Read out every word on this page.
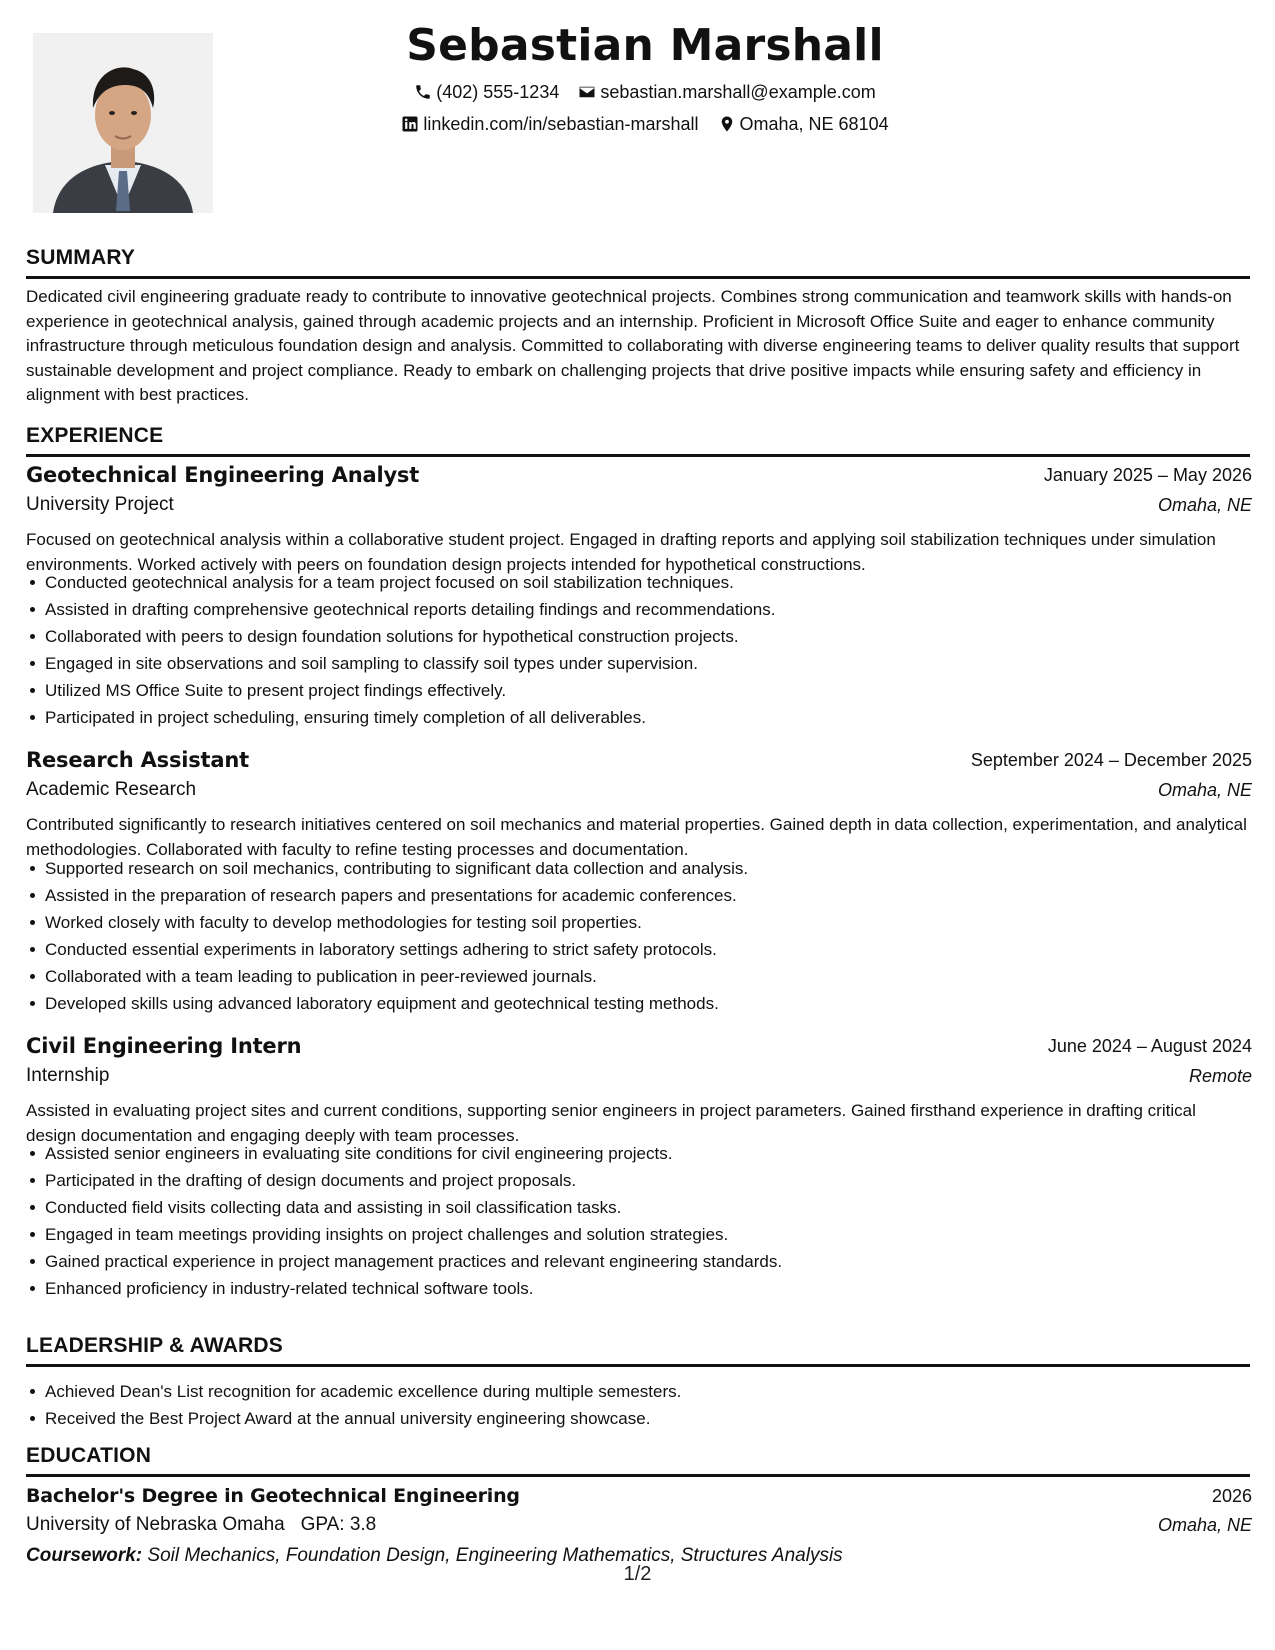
Sebastian Marshall
(402) 555-1234
sebastian.marshall@example.com
linkedin.com/in/sebastian-marshall
Omaha, NE 68104
SUMMARY
Dedicated civil engineering graduate ready to contribute to innovative geotechnical projects. Combines strong communication and teamwork skills with hands-on experience in geotechnical analysis, gained through academic projects and an internship. Proficient in Microsoft Office Suite and eager to enhance community infrastructure through meticulous foundation design and analysis. Committed to collaborating with diverse engineering teams to deliver quality results that support sustainable development and project compliance. Ready to embark on challenging projects that drive positive impacts while ensuring safety and efficiency in alignment with best practices.
EXPERIENCE
Geotechnical Engineering Analyst	January 2025 – May 2026
University Project	Omaha, NE
Focused on geotechnical analysis within a collaborative student project. Engaged in drafting reports and applying soil stabilization techniques under simulation environments. Worked actively with peers on foundation design projects intended for hypothetical constructions.
Conducted geotechnical analysis for a team project focused on soil stabilization techniques.
Assisted in drafting comprehensive geotechnical reports detailing findings and recommendations.
Collaborated with peers to design foundation solutions for hypothetical construction projects.
Engaged in site observations and soil sampling to classify soil types under supervision.
Utilized MS Office Suite to present project findings effectively.
Participated in project scheduling, ensuring timely completion of all deliverables.
Research Assistant	September 2024 – December 2025
Academic Research	Omaha, NE
Contributed significantly to research initiatives centered on soil mechanics and material properties. Gained depth in data collection, experimentation, and analytical methodologies. Collaborated with faculty to refine testing processes and documentation.
Supported research on soil mechanics, contributing to significant data collection and analysis.
Assisted in the preparation of research papers and presentations for academic conferences.
Worked closely with faculty to develop methodologies for testing soil properties.
Conducted essential experiments in laboratory settings adhering to strict safety protocols.
Collaborated with a team leading to publication in peer-reviewed journals.
Developed skills using advanced laboratory equipment and geotechnical testing methods.
Civil Engineering Intern	June 2024 – August 2024
Internship	Remote
Assisted in evaluating project sites and current conditions, supporting senior engineers in project parameters. Gained firsthand experience in drafting critical design documentation and engaging deeply with team processes.
Assisted senior engineers in evaluating site conditions for civil engineering projects.
Participated in the drafting of design documents and project proposals.
Conducted field visits collecting data and assisting in soil classification tasks.
Engaged in team meetings providing insights on project challenges and solution strategies.
Gained practical experience in project management practices and relevant engineering standards.
Enhanced proficiency in industry-related technical software tools.
LEADERSHIP & AWARDS
Achieved Dean's List recognition for academic excellence during multiple semesters.
Received the Best Project Award at the annual university engineering showcase.
EDUCATION
Bachelor's Degree in Geotechnical Engineering	2026
University of Nebraska Omaha GPA: 3.8	Omaha, NE
Coursework: Soil Mechanics, Foundation Design, Engineering Mathematics, Structures Analysis
1/2
